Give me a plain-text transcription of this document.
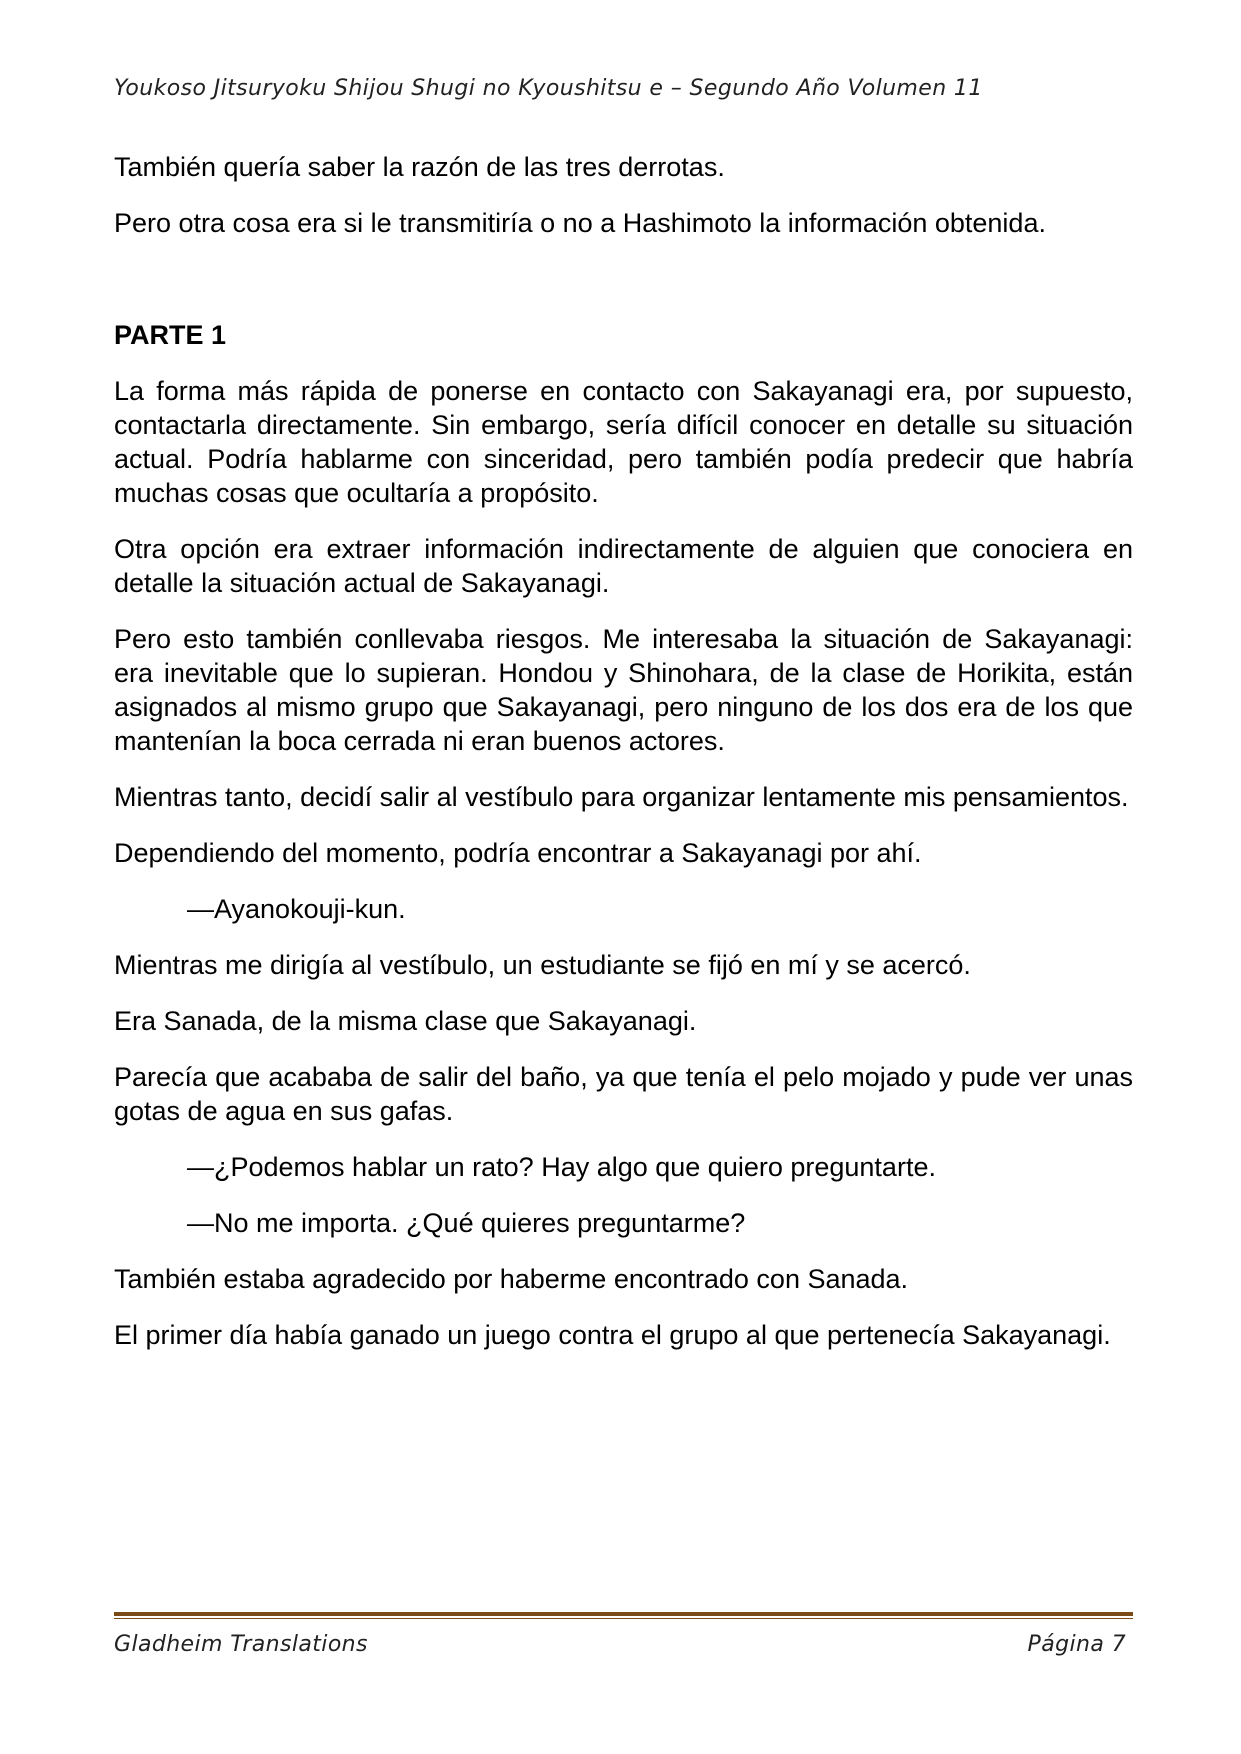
Youkoso Jitsuryoku Shijou Shugi no Kyoushitsu e – Segundo Año Volumen 11

También quería saber la razón de las tres derrotas.

Pero otra cosa era si le transmitiría o no a Hashimoto la información obtenida.

PARTE 1

La forma más rápida de ponerse en contacto con Sakayanagi era, por supuesto, contactarla directamente. Sin embargo, sería difícil conocer en detalle su situación actual. Podría hablarme con sinceridad, pero también podía predecir que habría muchas cosas que ocultaría a propósito.

Otra opción era extraer información indirectamente de alguien que conociera en detalle la situación actual de Sakayanagi.

Pero esto también conllevaba riesgos. Me interesaba la situación de Sakayanagi: era inevitable que lo supieran. Hondou y Shinohara, de la clase de Horikita, están asignados al mismo grupo que Sakayanagi, pero ninguno de los dos era de los que mantenían la boca cerrada ni eran buenos actores.

Mientras tanto, decidí salir al vestíbulo para organizar lentamente mis pensamientos.

Dependiendo del momento, podría encontrar a Sakayanagi por ahí.

—Ayanokouji-kun.

Mientras me dirigía al vestíbulo, un estudiante se fijó en mí y se acercó.

Era Sanada, de la misma clase que Sakayanagi.

Parecía que acababa de salir del baño, ya que tenía el pelo mojado y pude ver unas gotas de agua en sus gafas.

—¿Podemos hablar un rato? Hay algo que quiero preguntarte.

—No me importa. ¿Qué quieres preguntarme?

También estaba agradecido por haberme encontrado con Sanada.

El primer día había ganado un juego contra el grupo al que pertenecía Sakayanagi.

Gladheim Translations	Página 7
